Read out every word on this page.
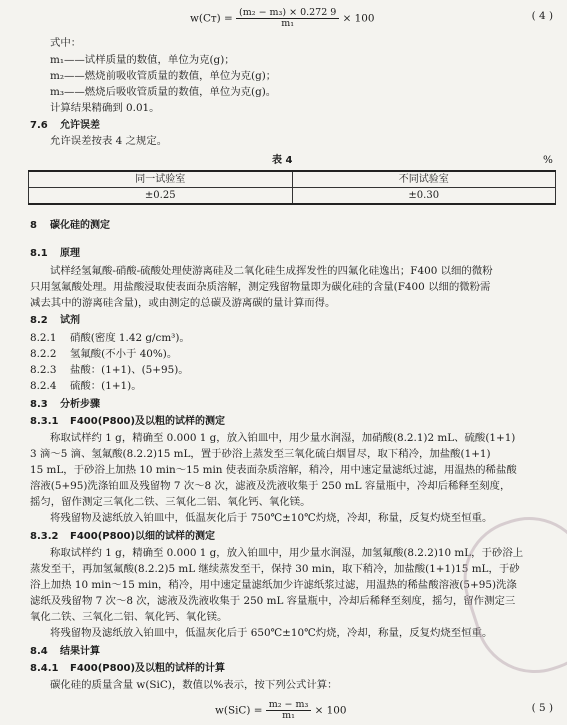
$w(Cт) = \frac{\text{(m₂ − m₃) × 0.272 9}}{\text{m₁}} \times 100$	( 4 )
式中：
m₁——试样质量的数值，单位为克(g)；
m₂——燃烧前吸收管质量的数值，单位为克(g)；
m₃——燃烧后吸收管质量的数值，单位为克(g)。
计算结果精确到 0.01。
7.6 允许误差
允许误差按表 4 之规定。
表 4	%
同一试验室	不同试验室
±0.25	±0.30
8 碳化硅的测定
8.1 原理
试样经氢氟酸-硝酸-硫酸处理使游离硅及二氧化硅生成挥发性的四氟化硅逸出；F400 以细的微粉
只用氢氟酸处理。用盐酸浸取使表面杂质溶解，测定残留物量即为碳化硅的含量(F400 以细的微粉需
减去其中的游离硅含量)，或由测定的总碳及游离碳的量计算而得。
8.2 试剂
8.2.1 硝酸(密度 1.42 g/cm³)。
8.2.2 氢氟酸(不小于 40%)。
8.2.3 盐酸：(1+1)、(5+95)。
8.2.4 硫酸：(1+1)。
8.3 分析步骤
8.3.1 F400(P800)及以粗的试样的测定
称取试样约 1 g，精确至 0.000 1 g，放入铂皿中，用少量水润湿，加硝酸(8.2.1)2 mL、硫酸(1+1)
3 滴～5 滴、氢氟酸(8.2.2)15 mL，置于砂浴上蒸发至三氧化硫白烟冒尽，取下稍冷，加盐酸(1+1)
15 mL，于砂浴上加热 10 min～15 min 使表面杂质溶解，稍冷，用中速定量滤纸过滤，用温热的稀盐酸
溶液(5+95)洗涤铂皿及残留物 7 次～8 次，滤液及洗液收集于 250 mL 容量瓶中，冷却后稀释至刻度，
摇匀，留作测定三氧化二铁、三氧化二铝、氧化钙、氧化镁。
将残留物及滤纸放入铂皿中，低温灰化后于 750℃±10℃灼烧，冷却，称量，反复灼烧至恒重。
8.3.2 F400(P800)以细的试样的测定
称取试样约 1 g，精确至 0.000 1 g，放入铂皿中，用少量水润湿，加氢氟酸(8.2.2)10 mL，于砂浴上
蒸发至干，再加氢氟酸(8.2.2)5 mL 继续蒸发至干，保持 30 min，取下稍冷，加盐酸(1+1)15 mL，于砂
浴上加热 10 min～15 min，稍冷，用中速定量滤纸加少许滤纸浆过滤，用温热的稀盐酸溶液(5+95)洗涤
滤纸及残留物 7 次～8 次，滤液及洗液收集于 250 mL 容量瓶中，冷却后稀释至刻度，摇匀，留作测定三
氧化二铁、三氧化二铝、氧化钙、氧化镁。
将残留物及滤纸放入铂皿中，低温灰化后于 650℃±10℃灼烧，冷却，称量，反复灼烧至恒重。
8.4 结果计算
8.4.1 F400(P800)及以粗的试样的计算
碳化硅的质量含量 w(SiC)，数值以%表示，按下列公式计算：
$w(SiC) = \frac{\text{m₂ − m₃}}{\text{m₁}} \times 100$	( 5 )
